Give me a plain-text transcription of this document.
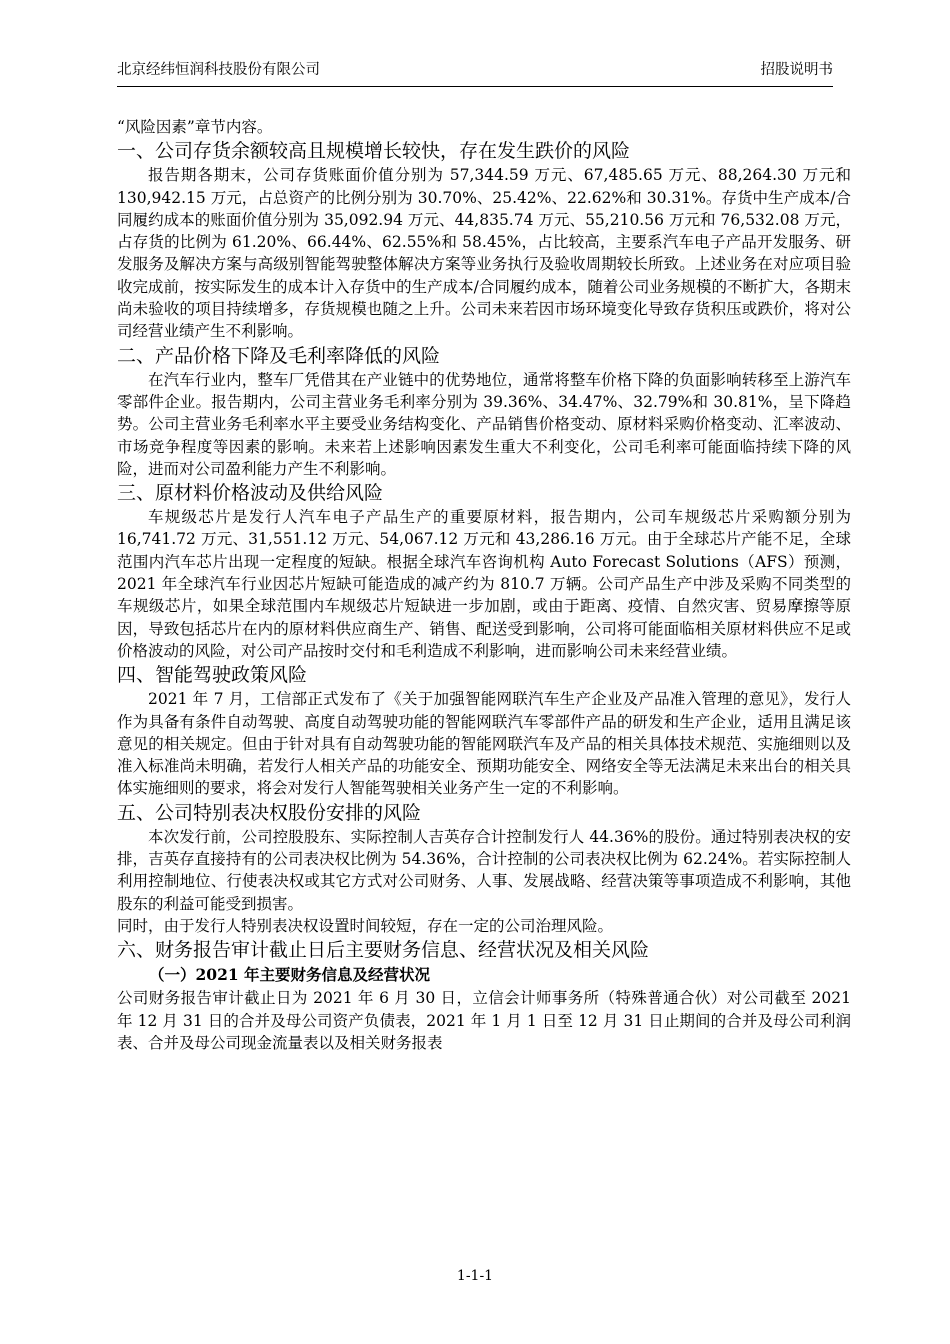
北京经纬恒润科技股份有限公司	招股说明书

“风险因素”章节内容。

一、公司存货余额较高且规模增长较快，存在发生跌价的风险

报告期各期末，公司存货账面价值分别为 57,344.59 万元、67,485.65 万元、88,264.30 万元和 130,942.15 万元，占总资产的比例分别为 30.70%、25.42%、22.62%和 30.31%。存货中生产成本/合同履约成本的账面价值分别为 35,092.94 万元、44,835.74 万元、55,210.56 万元和 76,532.08 万元，占存货的比例为 61.20%、66.44%、62.55%和 58.45%，占比较高，主要系汽车电子产品开发服务、研发服务及解决方案与高级别智能驾驶整体解决方案等业务执行及验收周期较长所致。上述业务在对应项目验收完成前，按实际发生的成本计入存货中的生产成本/合同履约成本，随着公司业务规模的不断扩大，各期末尚未验收的项目持续增多，存货规模也随之上升。公司未来若因市场环境变化导致存货积压或跌价，将对公司经营业绩产生不利影响。

二、产品价格下降及毛利率降低的风险

在汽车行业内，整车厂凭借其在产业链中的优势地位，通常将整车价格下降的负面影响转移至上游汽车零部件企业。报告期内，公司主营业务毛利率分别为 39.36%、34.47%、32.79%和 30.81%，呈下降趋势。公司主营业务毛利率水平主要受业务结构变化、产品销售价格变动、原材料采购价格变动、汇率波动、市场竞争程度等因素的影响。未来若上述影响因素发生重大不利变化，公司毛利率可能面临持续下降的风险，进而对公司盈利能力产生不利影响。

三、原材料价格波动及供给风险

车规级芯片是发行人汽车电子产品生产的重要原材料，报告期内，公司车规级芯片采购额分别为 16,741.72 万元、31,551.12 万元、54,067.12 万元和 43,286.16 万元。由于全球芯片产能不足，全球范围内汽车芯片出现一定程度的短缺。根据全球汽车咨询机构 Auto Forecast Solutions（AFS）预测，2021 年全球汽车行业因芯片短缺可能造成的减产约为 810.7 万辆。公司产品生产中涉及采购不同类型的车规级芯片，如果全球范围内车规级芯片短缺进一步加剧，或由于距离、疫情、自然灾害、贸易摩擦等原因，导致包括芯片在内的原材料供应商生产、销售、配送受到影响，公司将可能面临相关原材料供应不足或价格波动的风险，对公司产品按时交付和毛利造成不利影响，进而影响公司未来经营业绩。

四、智能驾驶政策风险

2021 年 7 月，工信部正式发布了《关于加强智能网联汽车生产企业及产品准入管理的意见》，发行人作为具备有条件自动驾驶、高度自动驾驶功能的智能网联汽车零部件产品的研发和生产企业，适用且满足该意见的相关规定。但由于针对具有自动驾驶功能的智能网联汽车及产品的相关具体技术规范、实施细则以及准入标准尚未明确，若发行人相关产品的功能安全、预期功能安全、网络安全等无法满足未来出台的相关具体实施细则的要求，将会对发行人智能驾驶相关业务产生一定的不利影响。

五、公司特别表决权股份安排的风险

本次发行前，公司控股股东、实际控制人吉英存合计控制发行人 44.36%的股份。通过特别表决权的安排，吉英存直接持有的公司表决权比例为 54.36%，合计控制的公司表决权比例为 62.24%。若实际控制人利用控制地位、行使表决权或其它方式对公司财务、人事、发展战略、经营决策等事项造成不利影响，其他股东的利益可能受到损害。

同时，由于发行人特别表决权设置时间较短，存在一定的公司治理风险。

六、财务报告审计截止日后主要财务信息、经营状况及相关风险
（一）2021 年主要财务信息及经营状况

公司财务报告审计截止日为 2021 年 6 月 30 日，立信会计师事务所（特殊普通合伙）对公司截至 2021 年 12 月 31 日的合并及母公司资产负债表，2021 年 1 月 1 日至 12 月 31 日止期间的合并及母公司利润表、合并及母公司现金流量表以及相关财务报表

1-1-1
